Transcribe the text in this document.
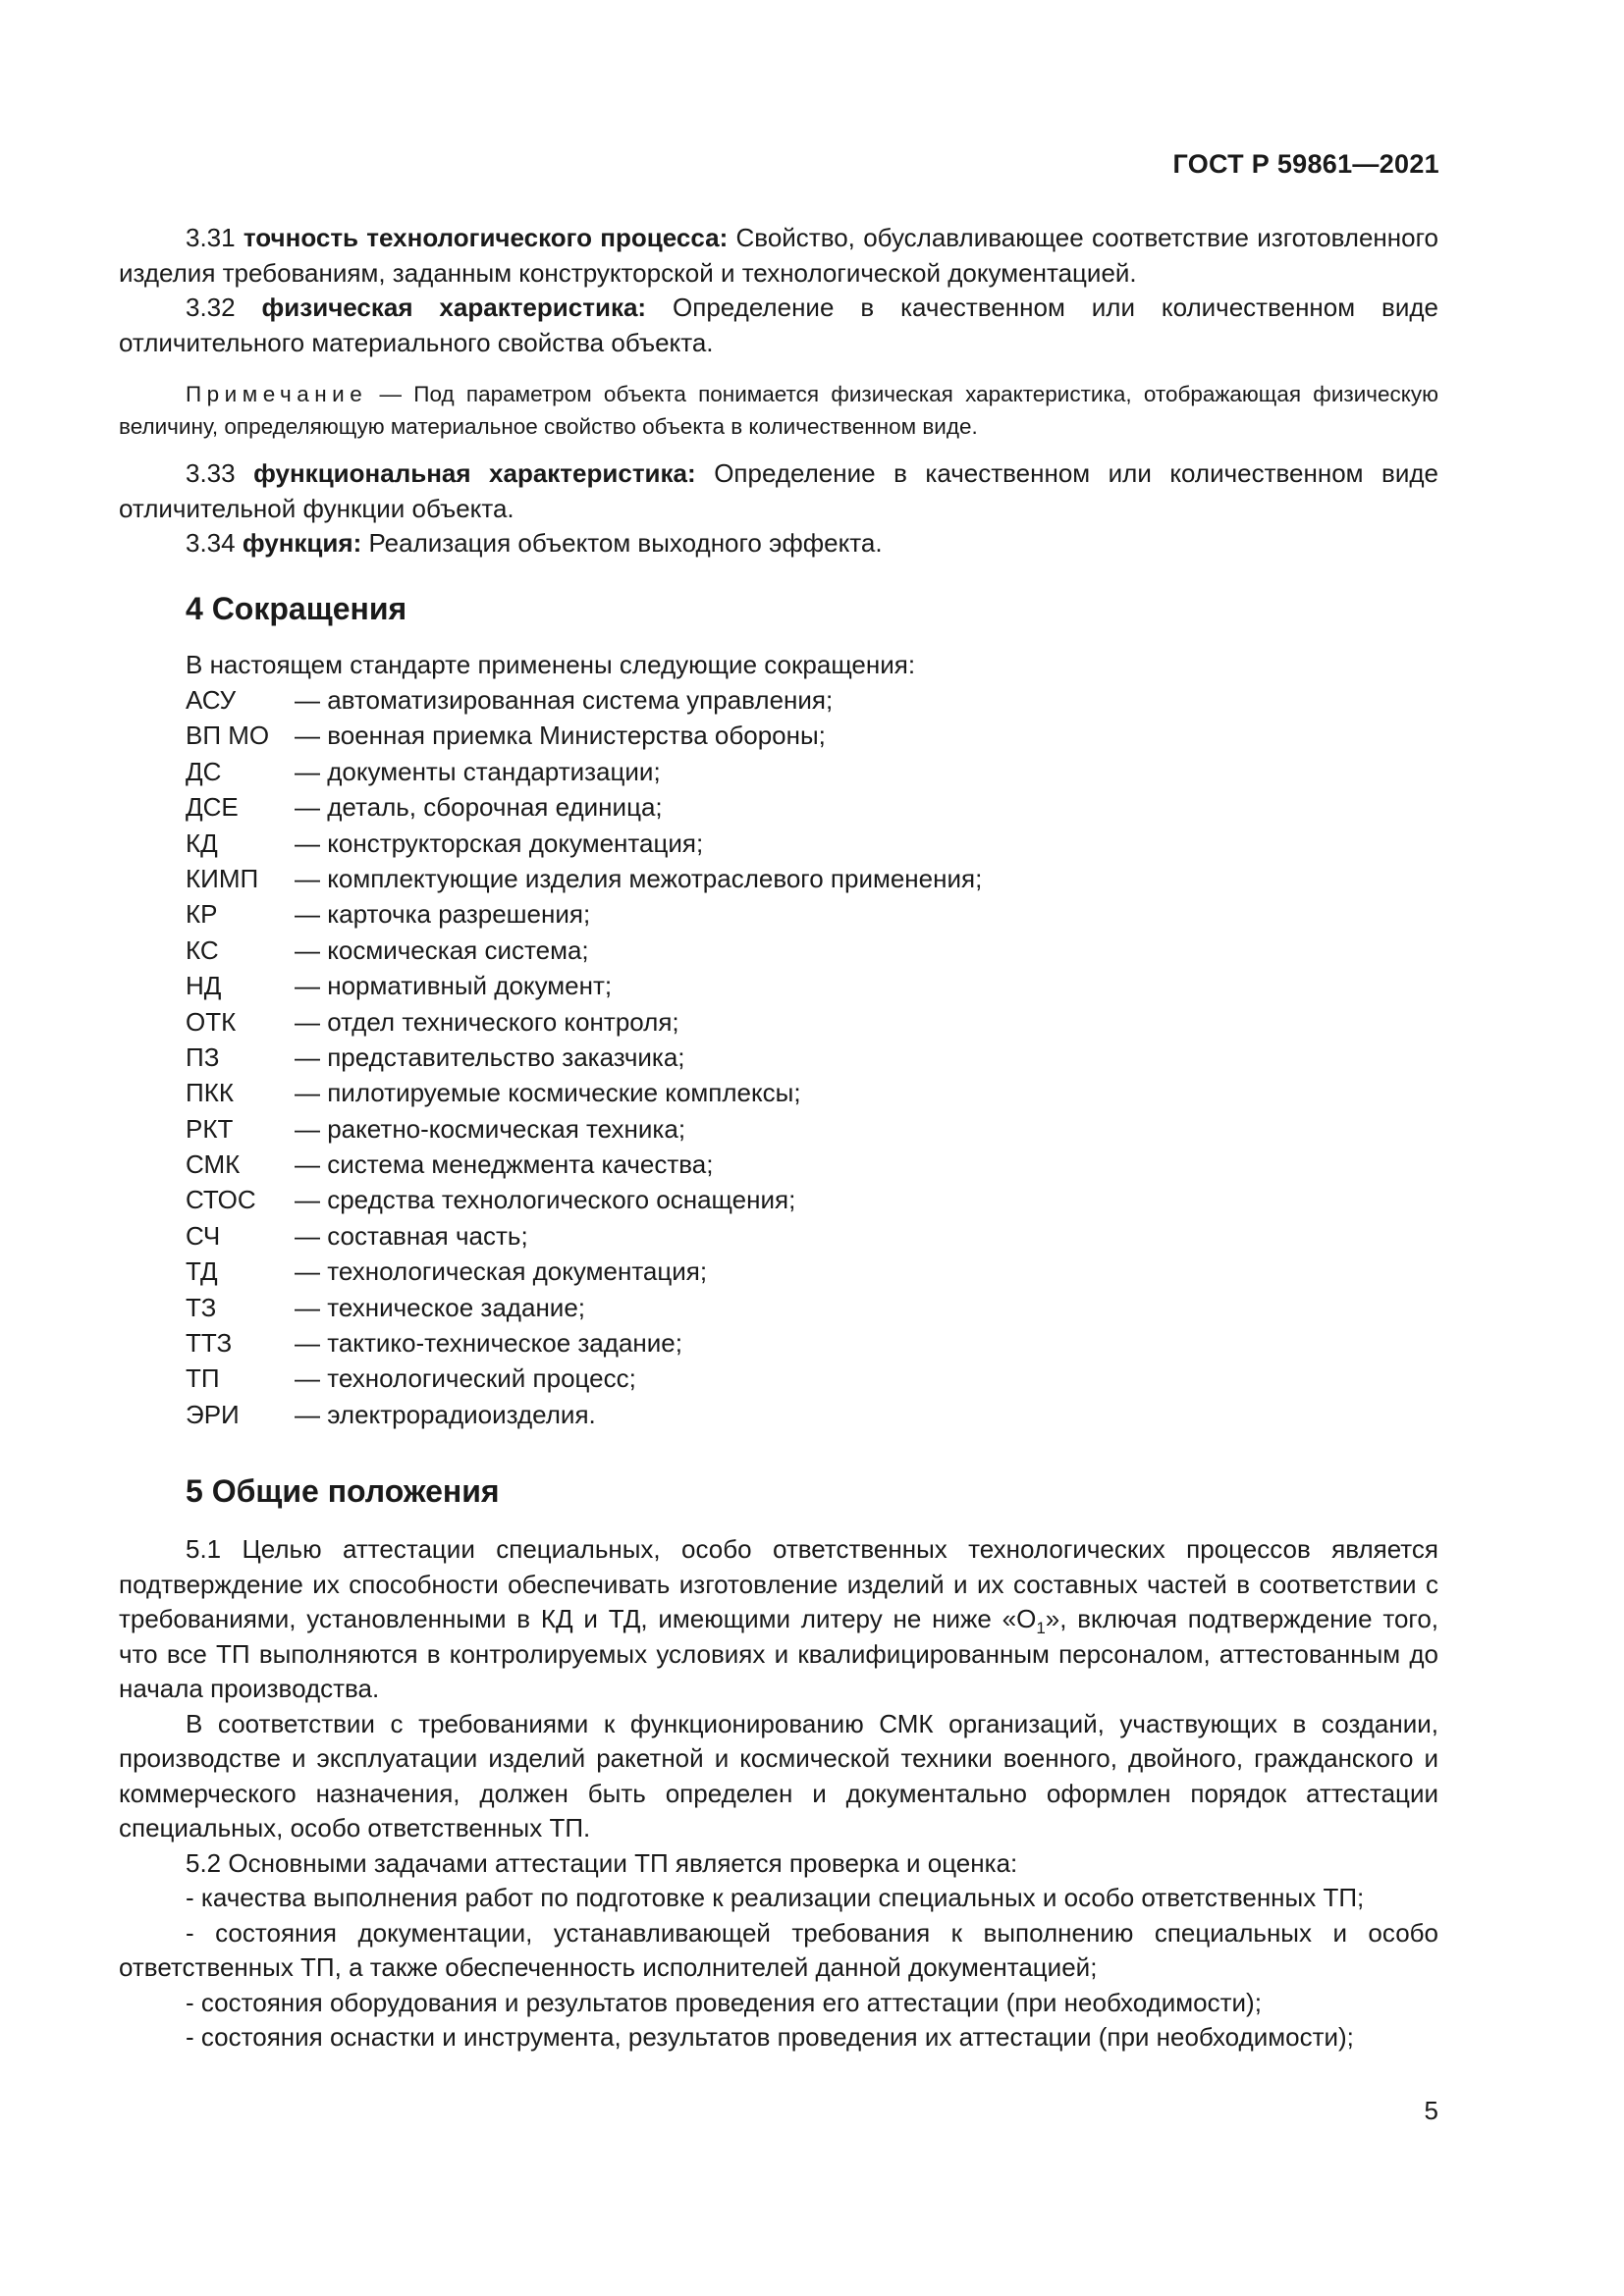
ГОСТ Р 59861—2021

3.31 точность технологического процесса: Свойство, обуславливающее соответствие изготовленного изделия требованиям, заданным конструкторской и технологической документацией.

3.32 физическая характеристика: Определение в качественном или количественном виде отличительного материального свойства объекта.

Примечание — Под параметром объекта понимается физическая характеристика, отображающая физическую величину, определяющую материальное свойство объекта в количественном виде.

3.33 функциональная характеристика: Определение в качественном или количественном виде отличительной функции объекта.

3.34 функция: Реализация объектом выходного эффекта.

4 Сокращения

В настоящем стандарте применены следующие сокращения:

АСУ	— автоматизированная система управления;
ВП МО — военная приемка Министерства обороны;
ДС	— документы стандартизации;
ДСЕ	— деталь, сборочная единица;
КД	— конструкторская документация;
КИМП	— комплектующие изделия межотраслевого применения;
КР	— карточка разрешения;
КС	— космическая система;
НД	— нормативный документ;
ОТК	— отдел технического контроля;
ПЗ	— представительство заказчика;
ПКК	— пилотируемые космические комплексы;
РКТ	— ракетно-космическая техника;
СМК	— система менеджмента качества;
СТОС	— средства технологического оснащения;
СЧ	— составная часть;
ТД	— технологическая документация;
ТЗ	— техническое задание;
ТТЗ	— тактико-техническое задание;
ТП	— технологический процесс;
ЭРИ	— электрорадиоизделия.
5 Общие положения

5.1 Целью аттестации специальных, особо ответственных технологических процессов является подтверждение их способности обеспечивать изготовление изделий и их составных частей в соответствии с требованиями, установленными в КД и ТД, имеющими литеру не ниже «$О_1$», включая подтверждение того, что все ТП выполняются в контролируемых условиях и квалифицированным персоналом, аттестованным до начала производства.

В соответствии с требованиями к функционированию СМК организаций, участвующих в создании, производстве и эксплуатации изделий ракетной и космической техники военного, двойного, гражданского и коммерческого назначения, должен быть определен и документально оформлен порядок аттестации специальных, особо ответственных ТП.

5.2 Основными задачами аттестации ТП является проверка и оценка:

- качества выполнения работ по подготовке к реализации специальных и особо ответственных ТП;

- состояния документации, устанавливающей требования к выполнению специальных и особо ответственных ТП, а также обеспеченность исполнителей данной документацией;

- состояния оборудования и результатов проведения его аттестации (при необходимости);

- состояния оснастки и инструмента, результатов проведения их аттестации (при необходимости);

5
